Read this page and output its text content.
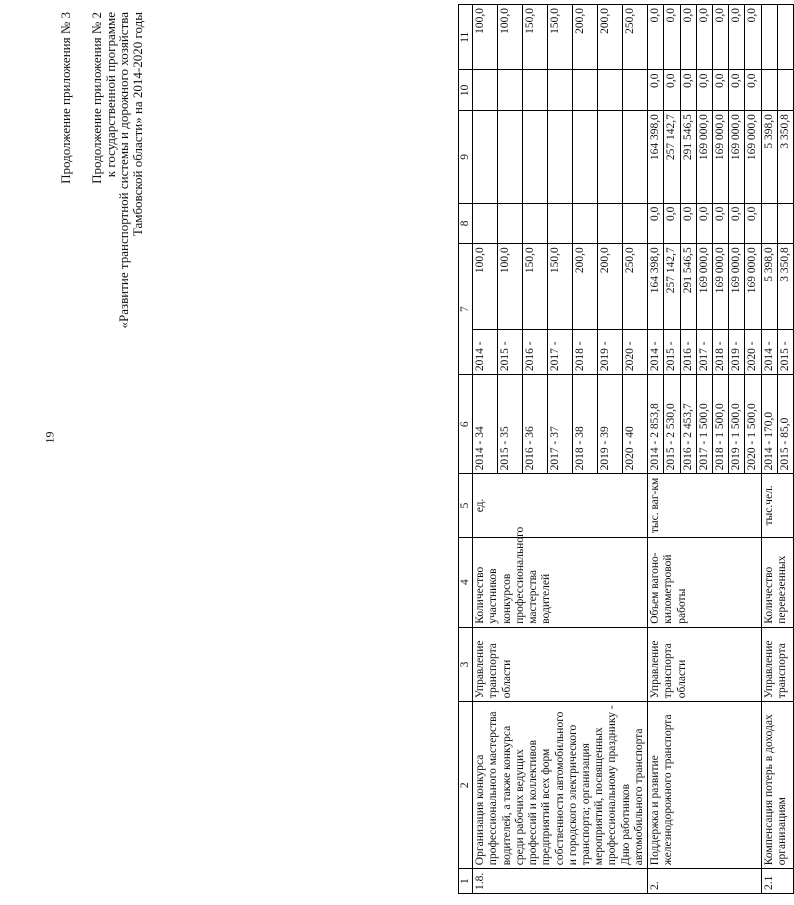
19
Продолжение приложения № 3 Продолжение приложения № 2
к государственной программе
«Развитие транспортной системы и дорожного хозяйства
Тамбовской области» на 2014-2020 годы
1	2	3	4	5	6	7		8	9	10	11
1.8.	Организация конкурса профессионального мастерства водителей, а также конкурса среди рабочих ведущих профессий и коллективов предприятий всех форм собственности автомобильного и городского электрического транспорта; организация мероприятий, посвященных профессиональному празднику - Дню работников автомобильного транспорта	Управление транспорта области	Количество участников конкурсов профессионального мастерства водителей	ед.	2014 - 34	2014 -	100,0				100,0
					2015 - 35	2015 -	100,0				100,0
					2016 - 36	2016 -	150,0				150,0
					2017 - 37	2017 -	150,0				150,0
					2018 - 38	2018 -	200,0				200,0
					2019 - 39	2019 -	200,0				200,0
					2020 - 40	2020 -	250,0				250,0
2.	Поддержка и развитие железнодорожного транспорта	Управление транспорта области	Объем вагоно-километровой работы	тыс. ваг-км	2014 - 2 853,8	2014 -	164 398,0	0,0	164 398,0	0,0	0,0
					2015 - 2 530,0	2015 -	257 142,7	0,0	257 142,7	0,0	0,0
					2016 - 2 453,7	2016 -	291 546,5	0,0	291 546,5	0,0	0,0
					2017 - 1 500,0	2017 -	169 000,0	0,0	169 000,0	0,0	0,0
					2018 - 1 500,0	2018 -	169 000,0	0,0	169 000,0	0,0	0,0
					2019 - 1 500,0	2019 -	169 000,0	0,0	169 000,0	0,0	0,0
					2020 - 1 500,0	2020 -	169 000,0	0,0	169 000,0	0,0	0,0
2.1	Компенсация потерь в доходах организациям	Управление транспорта	Количество перевезенных	тыс.чел.	2014 - 170,0	2014 -	5 398,0		5 398,0		
					2015 - 85,0	2015 -	3 350,8		3 350,8		
